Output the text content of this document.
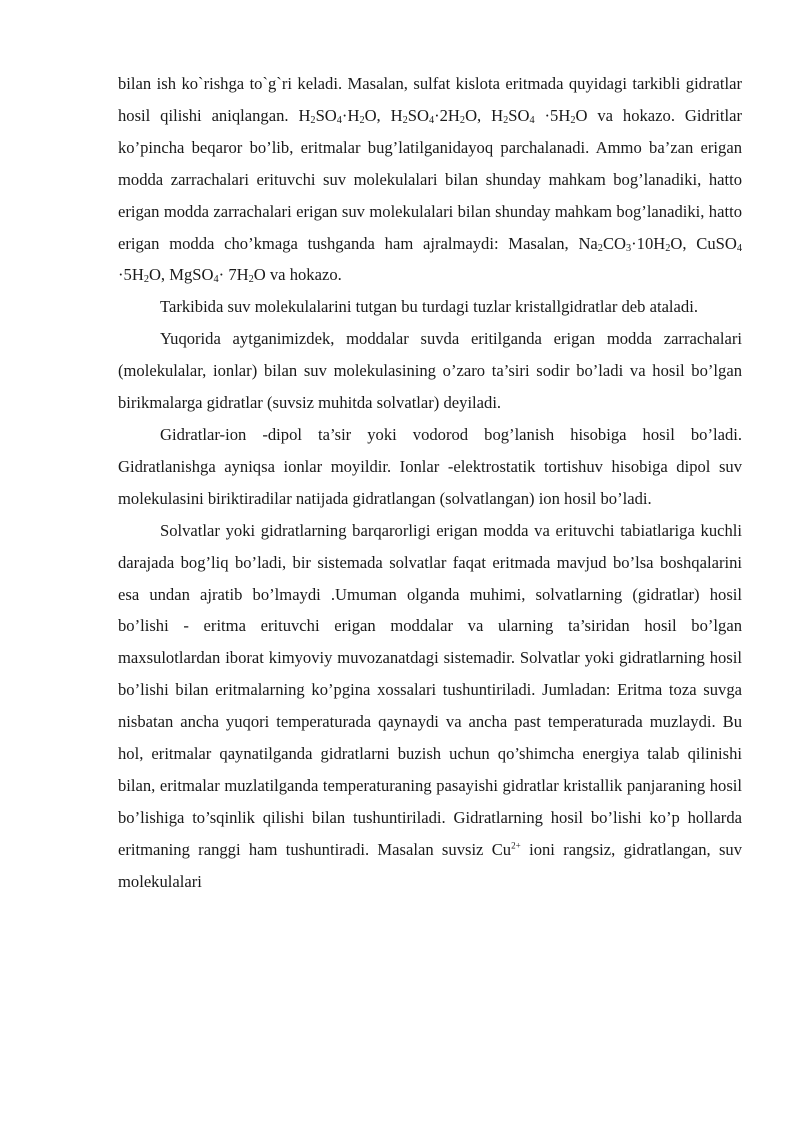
bilan ish ko`rishga to`g`ri keladi. Masalan, sulfat kislota eritmada quyidagi tarkibli gidratlar hosil qilishi aniqlangan. $H_2SO_4\cdot H_2O$, $H_2SO_4\cdot 2H_2O$, $H_2SO_4 \cdot 5H_2O$ va hokazo. Gidritlar ko’pincha beqaror bo’lib, eritmalar bug’latilganidayoq parchalanadi. Ammo ba’zan erigan modda zarrachalari erituvchi suv molekulalari bilan shunday mahkam bog’lanadiki, hatto erigan modda zarrachalari erigan suv molekulalari bilan shunday mahkam bog’lanadiki, hatto erigan modda cho’kmaga tushganda ham ajralmaydi: Masalan, $Na_2CO_3\cdot 10H_2O$, CuSO$_4$ $\cdot 5H_2O$, MgSO$_4$· $7H_2O$ va hokazo.

Tarkibida suv molekulalarini tutgan bu turdagi tuzlar kristallgidratlar deb ataladi.

Yuqorida aytganimizdek, moddalar suvda eritilganda erigan modda zarrachalari (molekulalar, ionlar) bilan suv molekulasining o’zaro ta’siri sodir bo’ladi va hosil bo’lgan birikmalarga gidratlar (suvsiz muhitda solvatlar) deyiladi.

Gidratlar-ion -dipol ta’sir yoki vodorod bog’lanish hisobiga hosil bo’ladi. Gidratlanishga ayniqsa ionlar moyildir. Ionlar -elektrostatik tortishuv hisobiga dipol suv molekulasini biriktiradilar natijada gidratlangan (solvatlangan) ion hosil bo’ladi.

Solvatlar yoki gidratlarning barqarorligi erigan modda va erituvchi tabiatlariga kuchli darajada bog’liq bo’ladi, bir sistemada solvatlar faqat eritmada mavjud bo’lsa boshqalarini esa undan ajratib bo’lmaydi .Umuman olganda muhimi, solvatlarning (gidratlar) hosil bo’lishi - eritma erituvchi erigan moddalar va ularning ta’siridan hosil bo’lgan maxsulotlardan iborat kimyoviy muvozanatdagi sistemadir. Solvatlar yoki gidratlarning hosil bo’lishi bilan eritmalarning ko’pgina xossalari tushuntiriladi. Jumladan: Eritma toza suvga nisbatan ancha yuqori temperaturada qaynaydi va ancha past temperaturada muzlaydi. Bu hol, eritmalar qaynatilganda gidratlarni buzish uchun qo’shimcha energiya talab qilinishi bilan, eritmalar muzlatilganda temperaturaning pasayishi gidratlar kristallik panjaraning hosil bo’lishiga to’sqinlik qilishi bilan tushuntiriladi. Gidratlarning hosil bo’lishi ko’p hollarda eritmaning ranggi ham tushuntiradi. Masalan suvsiz $Cu^{2+}$ ioni rangsiz, gidratlangan, suv molekulalari
